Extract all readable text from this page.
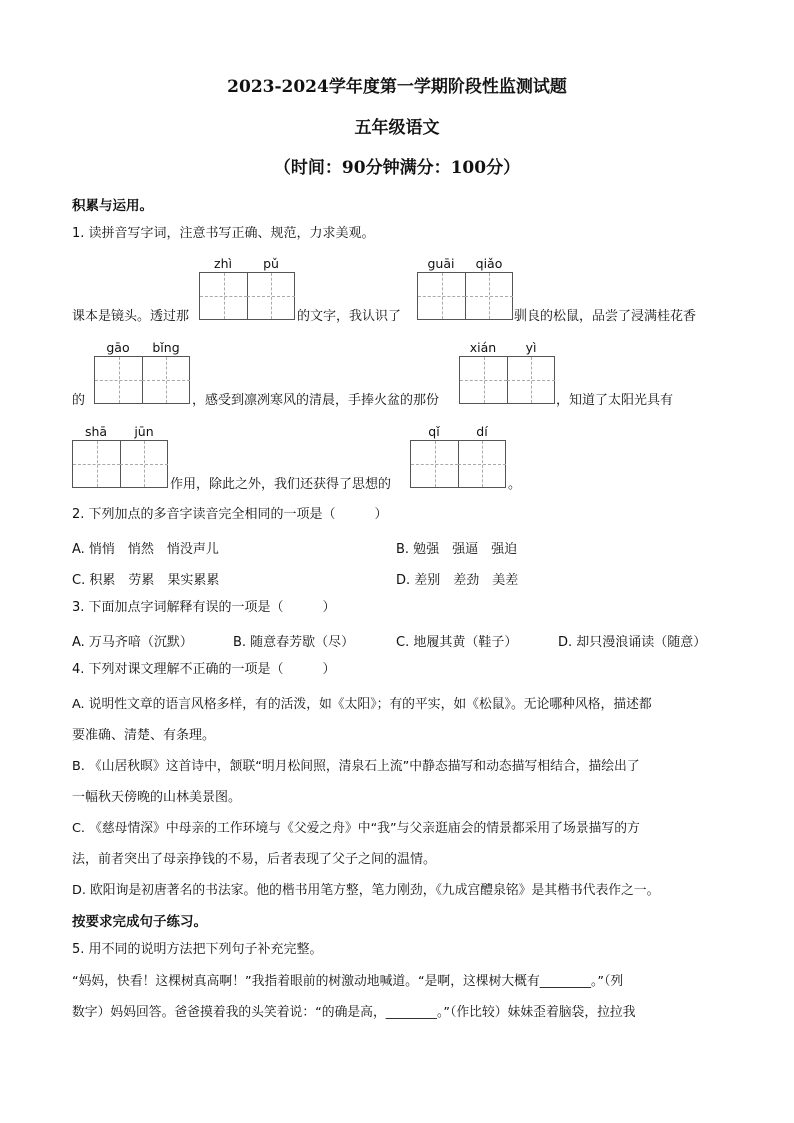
2023-2024学年度第一学期阶段性监测试题
五年级语文
（时间：90分钟满分：100分）
积累与运用。
1. 读拼音写字词，注意书写正确、规范，力求美观。
zhì	pǔ	guāi	qiǎo
课本是镜头。透过那	的文字，我认识了	驯良的松鼠，品尝了浸满桂花香
gāo	bǐng	xián	yì
的	，感受到凛冽寒风的清晨，手捧火盆的那份	，知道了太阳光具有
shā	jūn	qǐ	dí
作用，除此之外，我们还获得了思想的	。
2. 下列加点的多音字读音完全相同的一项是（　　　）
A. 悄悄　悄然　悄没声儿	B. 勉强　强逼　强迫
C. 积累　劳累　果实累累	D. 差别　差劲　美差
3. 下面加点字词解释有误的一项是（　　　）
A. 万马齐喑（沉默）	B. 随意春芳歇（尽）	C. 地履其黄（鞋子）	D. 却只漫浪诵读（随意）
4. 下列对课文理解不正确的一项是（　　　）
A. 说明性文章的语言风格多样，有的活泼，如《太阳》；有的平实，如《松鼠》。无论哪种风格，描述都
要准确、清楚、有条理。
B. 《山居秋暝》这首诗中，颔联“明月松间照，清泉石上流”中静态描写和动态描写相结合，描绘出了
一幅秋天傍晚的山林美景图。
C. 《慈母情深》中母亲的工作环境与《父爱之舟》中“我”与父亲逛庙会的情景都采用了场景描写的方
法，前者突出了母亲挣钱的不易，后者表现了父子之间的温情。
D. 欧阳询是初唐著名的书法家。他的楷书用笔方整，笔力刚劲，《九成宫醴泉铭》是其楷书代表作之一。
按要求完成句子练习。
5. 用不同的说明方法把下列句子补充完整。
“妈妈，快看！这棵树真高啊！”我指着眼前的树激动地喊道。“是啊，这棵树大概有________。”（列
数字）妈妈回答。爸爸摸着我的头笑着说：“的确是高，________。”（作比较）妹妹歪着脑袋，拉拉我
